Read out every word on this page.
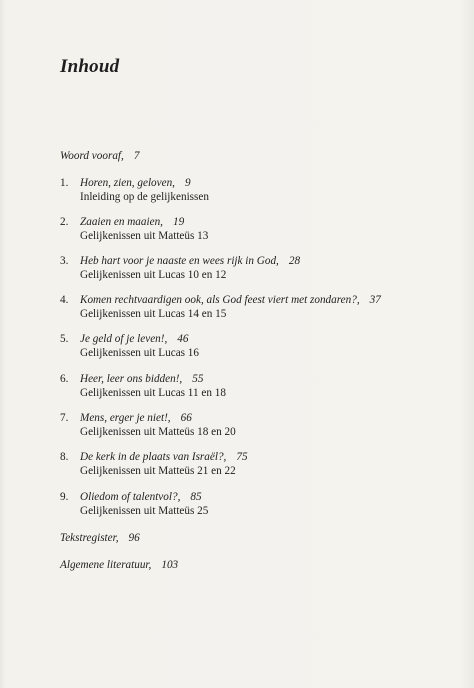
Inhoud
Woord vooraf, 7
1. Horen, zien, geloven, 9
Inleiding op de gelijkenissen
2. Zaaien en maaien, 19
Gelijkenissen uit Matteüs 13
3. Heb hart voor je naaste en wees rijk in God, 28
Gelijkenissen uit Lucas 10 en 12
4. Komen rechtvaardigen ook, als God feest viert met zondaren?, 37
Gelijkenissen uit Lucas 14 en 15
5. Je geld of je leven!, 46
Gelijkenissen uit Lucas 16
6. Heer, leer ons bidden!, 55
Gelijkenissen uit Lucas 11 en 18
7. Mens, erger je niet!, 66
Gelijkenissen uit Matteüs 18 en 20
8. De kerk in de plaats van Israël?, 75
Gelijkenissen uit Matteüs 21 en 22
9. Oliedom of talentvol?, 85
Gelijkenissen uit Matteüs 25
Tekstregister, 96
Algemene literatuur, 103
